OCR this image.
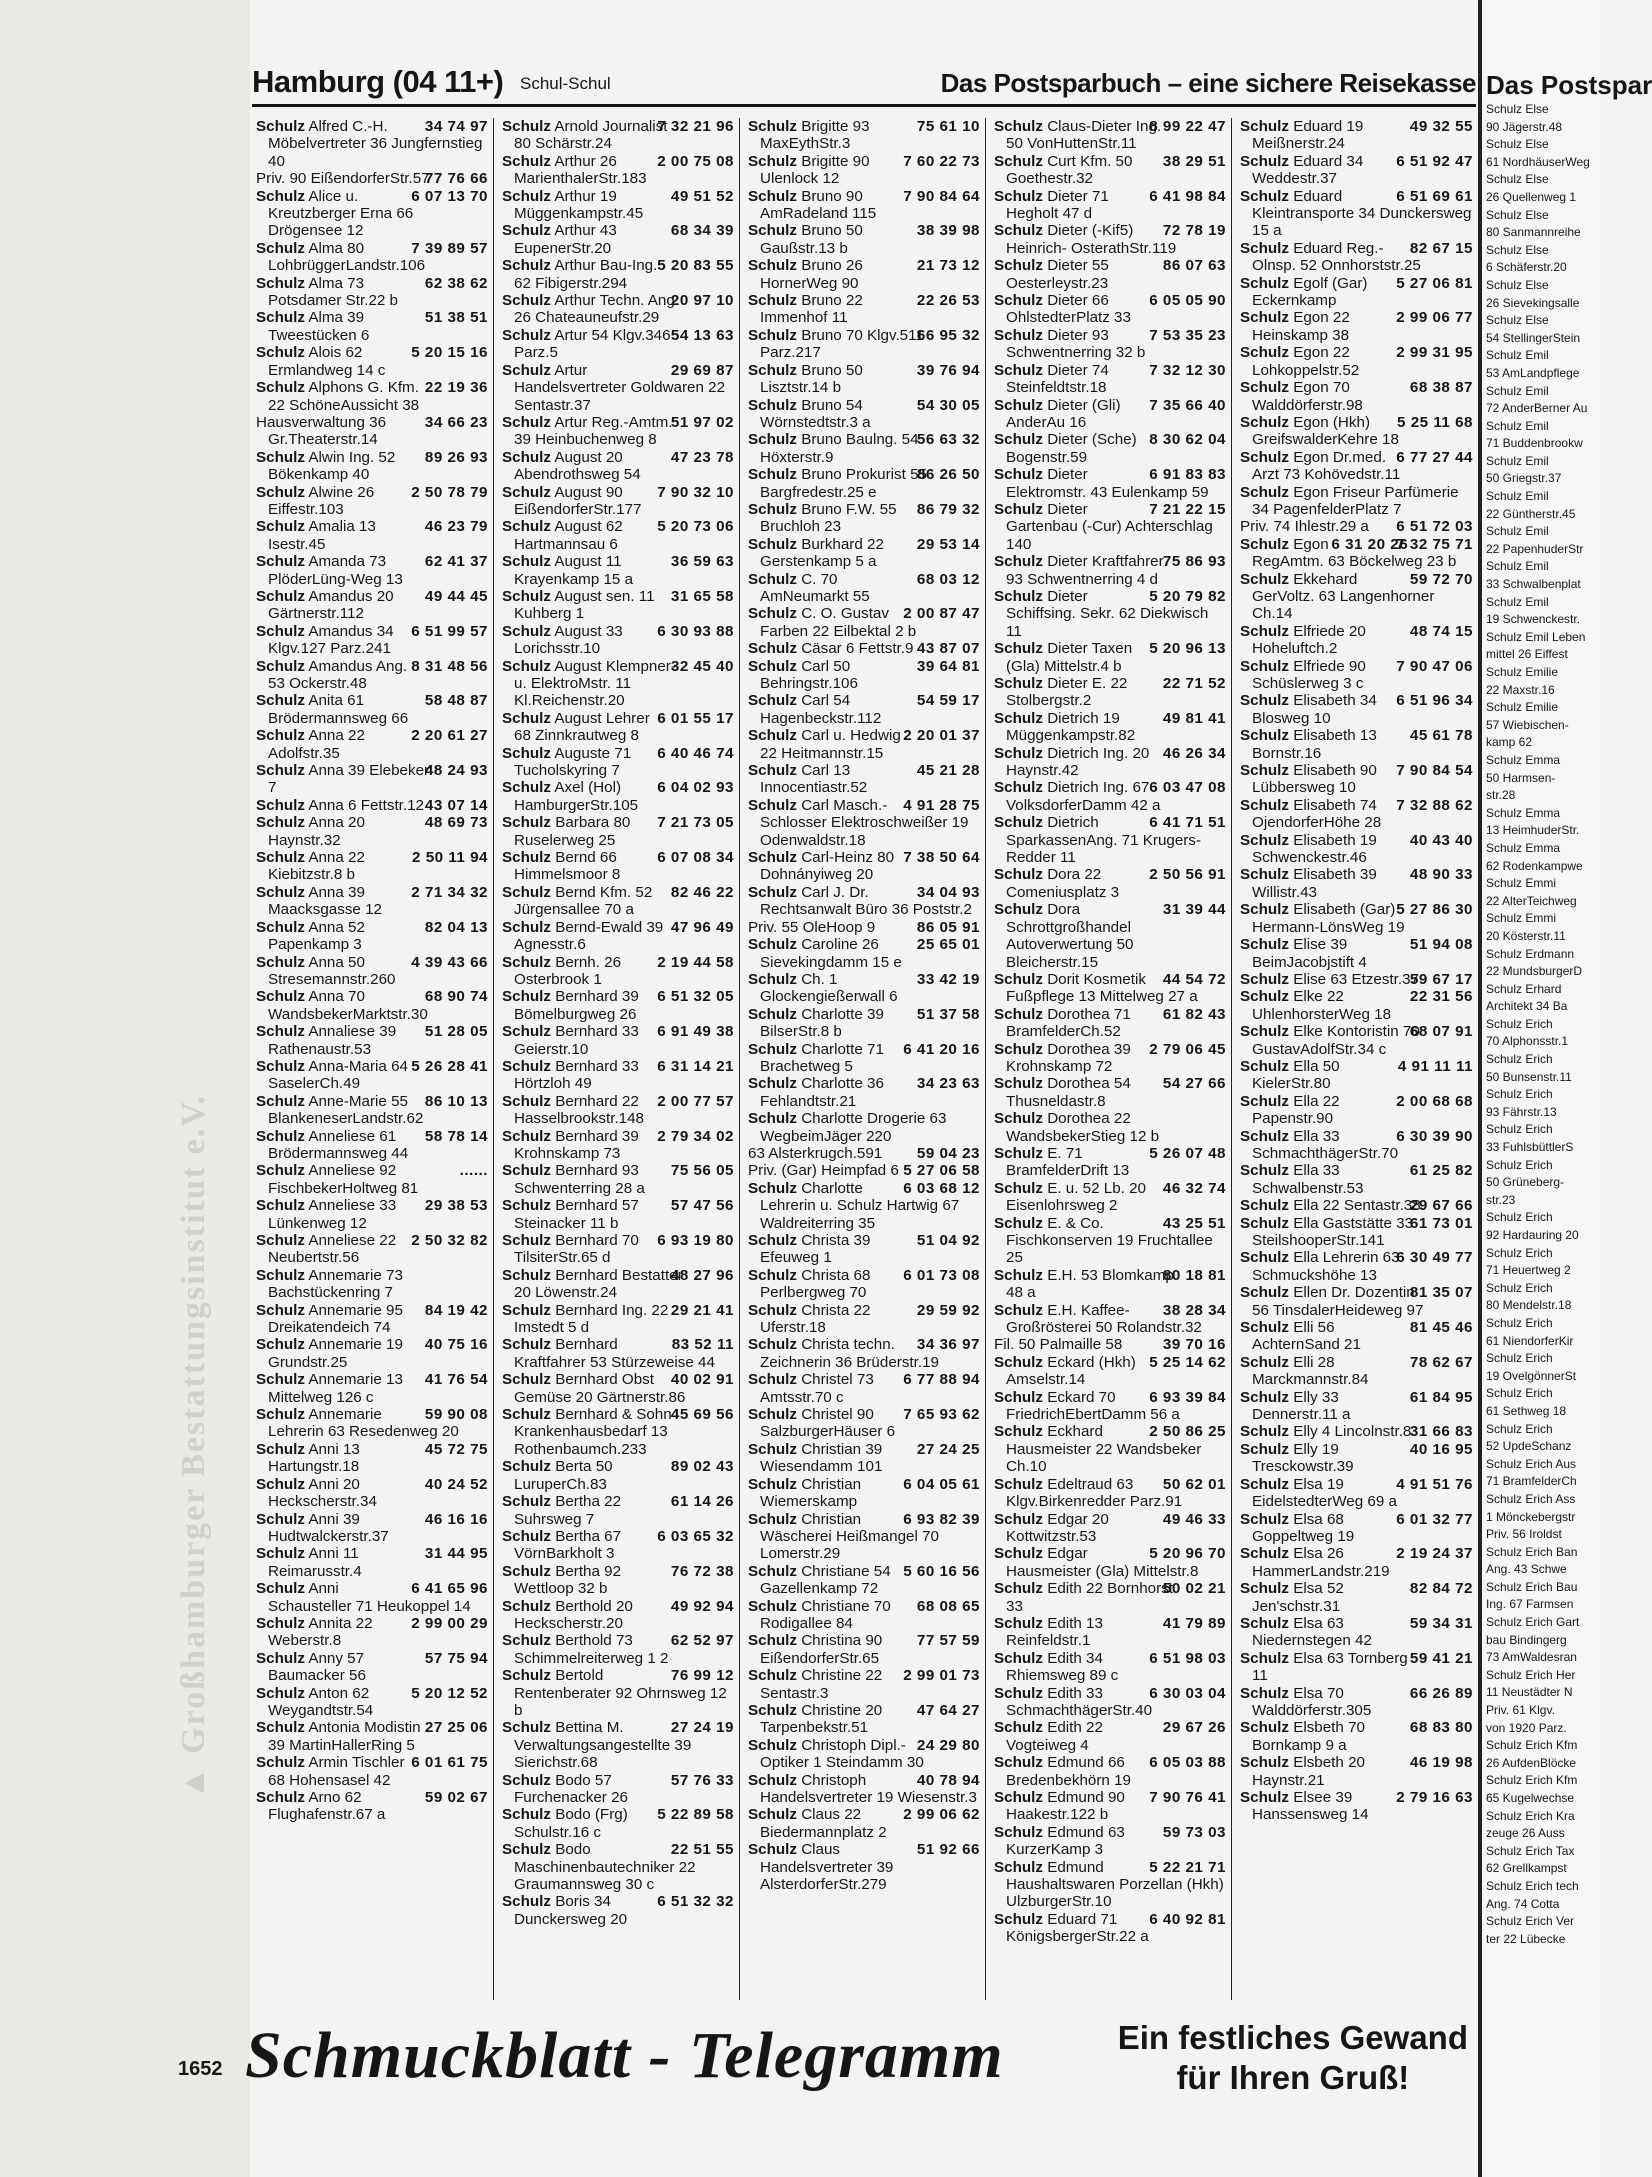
▲ Großhamburger Bestattungsinstitut e.V.
Hamburg (04 11+) Schul-Schul	Das Postsparbuch – eine sichere Reisekasse
34 74 97
Schulz Alfred C.-H. Möbelvertreter 36 Jungfernstieg 40
77 76 66
Priv. 90 EißendorferStr.57
6 07 13 70
Schulz Alice u. Kreutzberger Erna 66 Drögensee 12
7 39 89 57
Schulz Alma 80 LohbrüggerLandstr.106
62 38 62
Schulz Alma 73 Potsdamer Str.22 b
51 38 51
Schulz Alma 39 Tweestücken 6
5 20 15 16
Schulz Alois 62 Ermlandweg 14 c
22 19 36
Schulz Alphons G. Kfm. 22 SchöneAussicht 38
34 66 23
Hausverwaltung 36 Gr.Theaterstr.14
89 26 93
Schulz Alwin Ing. 52 Bökenkamp 40
2 50 78 79
Schulz Alwine 26 Eiffestr.103
46 23 79
Schulz Amalia 13 Isestr.45
62 41 37
Schulz Amanda 73 PlöderLüng-Weg 13
49 44 45
Schulz Amandus 20 Gärtnerstr.112
6 51 99 57
Schulz Amandus 34 Klgv.127 Parz.241
8 31 48 56
Schulz Amandus Ang. 53 Ockerstr.48
58 48 87
Schulz Anita 61 Brödermannsweg 66
2 20 61 27
Schulz Anna 22 Adolfstr.35
48 24 93
Schulz Anna 39 Elebeken 7
43 07 14
Schulz Anna 6 Fettstr.12
48 69 73
Schulz Anna 20 Haynstr.32
2 50 11 94
Schulz Anna 22 Kiebitzstr.8 b
2 71 34 32
Schulz Anna 39 Maacksgasse 12
82 04 13
Schulz Anna 52 Papenkamp 3
4 39 43 66
Schulz Anna 50 Stresemannstr.260
68 90 74
Schulz Anna 70 WandsbekerMarktstr.30
51 28 05
Schulz Annaliese 39 Rathenaustr.53
5 26 28 41
Schulz Anna-Maria 64 SaselerCh.49
86 10 13
Schulz Anne-Marie 55 BlankeneserLandstr.62
58 78 14
Schulz Anneliese 61 Brödermannsweg 44
......
Schulz Anneliese 92 FischbekerHoltweg 81
29 38 53
Schulz Anneliese 33 Lünkenweg 12
2 50 32 82
Schulz Anneliese 22 Neubertstr.56
Schulz Annemarie 73 Bachstückenring 7
84 19 42
Schulz Annemarie 95 Dreikatendeich 74
40 75 16
Schulz Annemarie 19 Grundstr.25
41 76 54
Schulz Annemarie 13 Mittelweg 126 c
59 90 08
Schulz Annemarie Lehrerin 63 Resedenweg 20
45 72 75
Schulz Anni 13 Hartungstr.18
40 24 52
Schulz Anni 20 Heckscherstr.34
46 16 16
Schulz Anni 39 Hudtwalckerstr.37
31 44 95
Schulz Anni 11 Reimarusstr.4
6 41 65 96
Schulz Anni Schausteller 71 Heukoppel 14
2 99 00 29
Schulz Annita 22 Weberstr.8
57 75 94
Schulz Anny 57 Baumacker 56
5 20 12 52
Schulz Anton 62 Weygandtstr.54
27 25 06
Schulz Antonia Modistin 39 MartinHallerRing 5
6 01 61 75
Schulz Armin Tischler 68 Hohensasel 42
59 02 67
Schulz Arno 62 Flughafenstr.67 a
7 32 21 96
Schulz Arnold Journalist 80 Schärstr.24
2 00 75 08
Schulz Arthur 26 MarienthalerStr.183
49 51 52
Schulz Arthur 19 Müggenkampstr.45
68 34 39
Schulz Arthur 43 EupenerStr.20
5 20 83 55
Schulz Arthur Bau-Ing. 62 Fibigerstr.294
20 97 10
Schulz Arthur Techn. Ang. 26 Chateauneufstr.29
54 13 63
Schulz Artur 54 Klgv.346 Parz.5
29 69 87
Schulz Artur Handelsvertreter Goldwaren 22 Sentastr.37
51 97 02
Schulz Artur Reg.-Amtm. 39 Heinbuchenweg 8
47 23 78
Schulz August 20 Abendrothsweg 54
7 90 32 10
Schulz August 90 EißendorferStr.177
5 20 73 06
Schulz August 62 Hartmannsau 6
36 59 63
Schulz August 11 Krayenkamp 15 a
31 65 58
Schulz August sen. 11 Kuhberg 1
6 30 93 88
Schulz August 33 Lorichsstr.10
32 45 40
Schulz August Klempner- u. ElektroMstr. 11 Kl.Reichenstr.20
6 01 55 17
Schulz August Lehrer 68 Zinnkrautweg 8
6 40 46 74
Schulz Auguste 71 Tucholskyring 7
6 04 02 93
Schulz Axel (Hol) HamburgerStr.105
7 21 73 05
Schulz Barbara 80 Ruselerweg 25
6 07 08 34
Schulz Bernd 66 Himmelsmoor 8
82 46 22
Schulz Bernd Kfm. 52 Jürgensallee 70 a
47 96 49
Schulz Bernd-Ewald 39 Agnesstr.6
2 19 44 58
Schulz Bernh. 26 Osterbrook 1
6 51 32 05
Schulz Bernhard 39 Bömelburgweg 26
6 91 49 38
Schulz Bernhard 33 Geierstr.10
6 31 14 21
Schulz Bernhard 33 Hörtzloh 49
2 00 77 57
Schulz Bernhard 22 Hasselbrookstr.148
2 79 34 02
Schulz Bernhard 39 Krohnskamp 73
75 56 05
Schulz Bernhard 93 Schwenterring 28 a
57 47 56
Schulz Bernhard 57 Steinacker 11 b
6 93 19 80
Schulz Bernhard 70 TilsiterStr.65 d
48 27 96
Schulz Bernhard Bestatter 20 Löwenstr.24
29 21 41
Schulz Bernhard Ing. 22 Imstedt 5 d
83 52 11
Schulz Bernhard Kraftfahrer 53 Stürzeweise 44
40 02 91
Schulz Bernhard Obst Gemüse 20 Gärtnerstr.86
45 69 56
Schulz Bernhard & Sohn Krankenhausbedarf 13 Rothenbaumch.233
89 02 43
Schulz Berta 50 LuruperCh.83
61 14 26
Schulz Bertha 22 Suhrsweg 7
6 03 65 32
Schulz Bertha 67 VörnBarkholt 3
76 72 38
Schulz Bertha 92 Wettloop 32 b
49 92 94
Schulz Berthold 20 Heckscherstr.20
62 52 97
Schulz Berthold 73 Schimmelreiterweg 1 2
76 99 12
Schulz Bertold Rentenberater 92 Ohrnsweg 12 b
27 24 19
Schulz Bettina M. Verwaltungsangestellte 39 Sierichstr.68
57 76 33
Schulz Bodo 57 Furchenacker 26
5 22 89 58
Schulz Bodo (Frg) Schulstr.16 c
22 51 55
Schulz Bodo Maschinenbautechniker 22 Graumannsweg 30 c
6 51 32 32
Schulz Boris 34 Dunckersweg 20
75 61 10
Schulz Brigitte 93 MaxEythStr.3
7 60 22 73
Schulz Brigitte 90 Ulenlock 12
7 90 84 64
Schulz Bruno 90 AmRadeland 115
38 39 98
Schulz Bruno 50 Gaußstr.13 b
21 73 12
Schulz Bruno 26 HornerWeg 90
22 26 53
Schulz Bruno 22 Immenhof 11
66 95 32
Schulz Bruno 70 Klgv.511 Parz.217
39 76 94
Schulz Bruno 50 Lisztstr.14 b
54 30 05
Schulz Bruno 54 Wörnstedtstr.3 a
56 63 32
Schulz Bruno Baulng. 54 Höxterstr.9
86 26 50
Schulz Bruno Prokurist 55 Bargfredestr.25 e
86 79 32
Schulz Bruno F.W. 55 Bruchloh 23
29 53 14
Schulz Burkhard 22 Gerstenkamp 5 a
68 03 12
Schulz C. 70 AmNeumarkt 55
2 00 87 47
Schulz C. O. Gustav Farben 22 Eilbektal 2 b
43 87 07
Schulz Cäsar 6 Fettstr.9
39 64 81
Schulz Carl 50 Behringstr.106
54 59 17
Schulz Carl 54 Hagenbeckstr.112
2 20 01 37
Schulz Carl u. Hedwig 22 Heitmannstr.15
45 21 28
Schulz Carl 13 Innocentiastr.52
4 91 28 75
Schulz Carl Masch.- Schlosser Elektroschweißer 19 Odenwaldstr.18
7 38 50 64
Schulz Carl-Heinz 80 Dohnányiweg 20
34 04 93
Schulz Carl J. Dr. Rechtsanwalt Büro 36 Poststr.2
86 05 91
Priv. 55 OleHoop 9
25 65 01
Schulz Caroline 26 Sievekingdamm 15 e
33 42 19
Schulz Ch. 1 Glockengießerwall 6
51 37 58
Schulz Charlotte 39 BilserStr.8 b
6 41 20 16
Schulz Charlotte 71 Brachetweg 5
34 23 63
Schulz Charlotte 36 Fehlandtstr.21
Schulz Charlotte Drogerie 63 WegbeimJäger 220
59 04 23
63 Alsterkrugch.591
5 27 06 58
Priv. (Gar) Heimpfad 6
6 03 68 12
Schulz Charlotte Lehrerin u. Schulz Hartwig 67 Waldreiterring 35
51 04 92
Schulz Christa 39 Efeuweg 1
6 01 73 08
Schulz Christa 68 Perlbergweg 70
29 59 92
Schulz Christa 22 Uferstr.18
34 36 97
Schulz Christa techn. Zeichnerin 36 Brüderstr.19
6 77 88 94
Schulz Christel 73 Amtsstr.70 c
7 65 93 62
Schulz Christel 90 SalzburgerHäuser 6
27 24 25
Schulz Christian 39 Wiesendamm 101
6 04 05 61
Schulz Christian Wiemerskamp
6 93 82 39
Schulz Christian Wäscherei Heißmangel 70 Lomerstr.29
5 60 16 56
Schulz Christiane 54 Gazellenkamp 72
68 08 65
Schulz Christiane 70 Rodigallee 84
77 57 59
Schulz Christina 90 EißendorferStr.65
2 99 01 73
Schulz Christine 22 Sentastr.3
47 64 27
Schulz Christine 20 Tarpenbekstr.51
24 29 80
Schulz Christoph Dipl.-Optiker 1 Steindamm 30
40 78 94
Schulz Christoph Handelsvertreter 19 Wiesenstr.3
2 99 06 62
Schulz Claus 22 Biedermannplatz 2
51 92 66
Schulz Claus Handelsvertreter 39 AlsterdorferStr.279
8 99 22 47
Schulz Claus-Dieter Ing. 50 VonHuttenStr.11
38 29 51
Schulz Curt Kfm. 50 Goethestr.32
6 41 98 84
Schulz Dieter 71 Hegholt 47 d
72 78 19
Schulz Dieter (-Kif5) Heinrich- OsterathStr.119
86 07 63
Schulz Dieter 55 Oesterleystr.23
6 05 05 90
Schulz Dieter 66 OhlstedterPlatz 33
7 53 35 23
Schulz Dieter 93 Schwentnerring 32 b
7 32 12 30
Schulz Dieter 74 Steinfeldtstr.18
7 35 66 40
Schulz Dieter (Gli) AnderAu 16
8 30 62 04
Schulz Dieter (Sche) Bogenstr.59
6 91 83 83
Schulz Dieter Elektromstr. 43 Eulenkamp 59
7 21 22 15
Schulz Dieter Gartenbau (-Cur) Achterschlag 140
75 86 93
Schulz Dieter Kraftfahrer 93 Schwentnerring 4 d
5 20 79 82
Schulz Dieter Schiffsing. Sekr. 62 Diekwisch 11
5 20 96 13
Schulz Dieter Taxen (Gla) Mittelstr.4 b
22 71 52
Schulz Dieter E. 22 Stolbergstr.2
49 81 41
Schulz Dietrich 19 Müggenkampstr.82
46 26 34
Schulz Dietrich Ing. 20 Haynstr.42
6 03 47 08
Schulz Dietrich Ing. 67 VolksdorferDamm 42 a
6 41 71 51
Schulz Dietrich SparkassenAng. 71 Krugers-Redder 11
2 50 56 91
Schulz Dora 22 Comeniusplatz 3
31 39 44
Schulz Dora Schrottgroßhandel Autoverwertung 50 Bleicherstr.15
44 54 72
Schulz Dorit Kosmetik Fußpflege 13 Mittelweg 27 a
61 82 43
Schulz Dorothea 71 BramfelderCh.52
2 79 06 45
Schulz Dorothea 39 Krohnskamp 72
54 27 66
Schulz Dorothea 54 Thusneldastr.8
Schulz Dorothea 22 WandsbekerStieg 12 b
5 26 07 48
Schulz E. 71 BramfelderDrift 13
46 32 74
Schulz E. u. 52 Lb. 20 Eisenlohrsweg 2
43 25 51
Schulz E. & Co. Fischkonserven 19 Fruchtallee 25
80 18 81
Schulz E.H. 53 Blomkamp 48 a
38 28 34
Schulz E.H. Kaffee-Großrösterei 50 Rolandstr.32
39 70 16
Fil. 50 Palmaille 58
5 25 14 62
Schulz Eckard (Hkh) Amselstr.14
6 93 39 84
Schulz Eckard 70 FriedrichEbertDamm 56 a
2 50 86 25
Schulz Eckhard Hausmeister 22 Wandsbeker Ch.10
50 62 01
Schulz Edeltraud 63 Klgv.Birkenredder Parz.91
49 46 33
Schulz Edgar 20 Kottwitzstr.53
5 20 96 70
Schulz Edgar Hausmeister (Gla) Mittelstr.8
50 02 21
Schulz Edith 22 Bornhorst 33
41 79 89
Schulz Edith 13 Reinfeldstr.1
6 51 98 03
Schulz Edith 34 Rhiemsweg 89 c
6 30 03 04
Schulz Edith 33 SchmachthägerStr.40
29 67 26
Schulz Edith 22 Vogteiweg 4
6 05 03 88
Schulz Edmund 66 Bredenbekhörn 19
7 90 76 41
Schulz Edmund 90 Haakestr.122 b
59 73 03
Schulz Edmund 63 KurzerKamp 3
5 22 21 71
Schulz Edmund Haushaltswaren Porzellan (Hkh) UlzburgerStr.10
6 40 92 81
Schulz Eduard 71 KönigsbergerStr.22 a
49 32 55
Schulz Eduard 19 Meißnerstr.24
6 51 92 47
Schulz Eduard 34 Weddestr.37
6 51 69 61
Schulz Eduard Kleintransporte 34 Dunckersweg 15 a
82 67 15
Schulz Eduard Reg.-Olnsp. 52 Onnhorststr.25
5 27 06 81
Schulz Egolf (Gar) Eckernkamp
2 99 06 77
Schulz Egon 22 Heinskamp 38
2 99 31 95
Schulz Egon 22 Lohkoppelstr.52
68 38 87
Schulz Egon 70 Walddörferstr.98
5 25 11 68
Schulz Egon (Hkh) GreifswalderKehre 18
6 77 27 44
Schulz Egon Dr.med. Arzt 73 Kohövedstr.11
Schulz Egon Friseur Parfümerie 34 PagenfelderPlatz 7
6 51 72 03
Priv. 74 Ihlestr.29 a
7 32 75 71
6 31 20 26
Schulz Egon RegAmtm. 63 Böckelweg 23 b
59 72 70
Schulz Ekkehard GerVoltz. 63 Langenhorner Ch.14
48 74 15
Schulz Elfriede 20 Hoheluftch.2
7 90 47 06
Schulz Elfriede 90 Schüslerweg 3 c
6 51 96 34
Schulz Elisabeth 34 Blosweg 10
45 61 78
Schulz Elisabeth 13 Bornstr.16
7 90 84 54
Schulz Elisabeth 90 Lübbersweg 10
7 32 88 62
Schulz Elisabeth 74 OjendorferHöhe 28
40 43 40
Schulz Elisabeth 19 Schwenckestr.46
48 90 33
Schulz Elisabeth 39 Willistr.43
5 27 86 30
Schulz Elisabeth (Gar) Hermann-LönsWeg 19
51 94 08
Schulz Elise 39 BeimJacobjstift 4
59 67 17
Schulz Elise 63 Etzestr.37
22 31 56
Schulz Elke 22 UhlenhorsterWeg 18
68 07 91
Schulz Elke Kontoristin 70 GustavAdolfStr.34 c
4 91 11 11
Schulz Ella 50 KielerStr.80
2 00 68 68
Schulz Ella 22 Papenstr.90
6 30 39 90
Schulz Ella 33 SchmachthägerStr.70
61 25 82
Schulz Ella 33 Schwalbenstr.53
29 67 66
Schulz Ella 22 Sentastr.38
61 73 01
Schulz Ella Gaststätte 33 SteilshooperStr.141
6 30 49 77
Schulz Ella Lehrerin 63 Schmuckshöhe 13
81 35 07
Schulz Ellen Dr. Dozentin 56 TinsdalerHeideweg 97
81 45 46
Schulz Elli 56 AchternSand 21
78 62 67
Schulz Elli 28 Marckmannstr.84
61 84 95
Schulz Elly 33 Dennerstr.11 a
31 66 83
Schulz Elly 4 Lincolnstr.8
40 16 95
Schulz Elly 19 Tresckowstr.39
4 91 51 76
Schulz Elsa 19 EidelstedterWeg 69 a
6 01 32 77
Schulz Elsa 68 Goppeltweg 19
2 19 24 37
Schulz Elsa 26 HammerLandstr.219
82 84 72
Schulz Elsa 52 Jen'schstr.31
59 34 31
Schulz Elsa 63 Niedernstegen 42
59 41 21
Schulz Elsa 63 Tornberg 11
66 26 89
Schulz Elsa 70 Walddörferstr.305
68 83 80
Schulz Elsbeth 70 Bornkamp 9 a
46 19 98
Schulz Elsbeth 20 Haynstr.21
2 79 16 63
Schulz Elsee 39 Hanssensweg 14
Das Postspar
Schulz Else
90 Jägerstr.48
Schulz Else
61 NordhäuserWeg
Schulz Else
26 Quellenweg 1
Schulz Else
80 Sanmannreihe
Schulz Else
6 Schäferstr.20
Schulz Else
26 Sievekingsalle
Schulz Else
54 StellingerStein
Schulz Emil
53 AmLandpflege
Schulz Emil
72 AnderBerner Au
Schulz Emil
71 Buddenbrookw
Schulz Emil
50 Griegstr.37
Schulz Emil
22 Güntherstr.45
Schulz Emil
22 PapenhuderStr
Schulz Emil
33 Schwalbenplat
Schulz Emil
19 Schwenckestr.
Schulz Emil Leben
mittel 26 Eiffest
Schulz Emilie
22 Maxstr.16
Schulz Emilie
57 Wiebischen-
kamp 62
Schulz Emma
50 Harmsen-
str.28
Schulz Emma
13 HeimhuderStr.
Schulz Emma
62 Rodenkampwe
Schulz Emmi
22 AlterTeichweg
Schulz Emmi
20 Kösterstr.11
Schulz Erdmann
22 MundsburgerD
Schulz Erhard
Architekt 34 Ba
Schulz Erich
70 Alphonsstr.1
Schulz Erich
50 Bunsenstr.11
Schulz Erich
93 Fährstr.13
Schulz Erich
33 FuhlsbüttlerS
Schulz Erich
50 Grüneberg-
str.23
Schulz Erich
92 Hardauring 20
Schulz Erich
71 Heuertweg 2
Schulz Erich
80 Mendelstr.18
Schulz Erich
61 NiendorferKir
Schulz Erich
19 OvelgönnerSt
Schulz Erich
61 Sethweg 18
Schulz Erich
52 UpdeSchanz
Schulz Erich Aus
71 BramfelderCh
Schulz Erich Ass
1 Mönckebergstr
Priv. 56 Iroldst
Schulz Erich Ban
Ang. 43 Schwe
Schulz Erich Bau
Ing. 67 Farmsen
Schulz Erich Gart
bau Bindingerg
73 AmWaldesran
Schulz Erich Her
11 Neustädter N
Priv. 61 Klgv.
von 1920 Parz.
Schulz Erich Kfm
26 AufdenBlöcke
Schulz Erich Kfm
65 Kugelwechse
Schulz Erich Kra
zeuge 26 Auss
Schulz Erich Tax
62 Grellkampst
Schulz Erich tech
Ang. 74 Cotta
Schulz Erich Ver
ter 22 Lübecke
1652 Schmuckblatt - Telegramm	Ein festliches Gewand
für Ihren Gruß!
